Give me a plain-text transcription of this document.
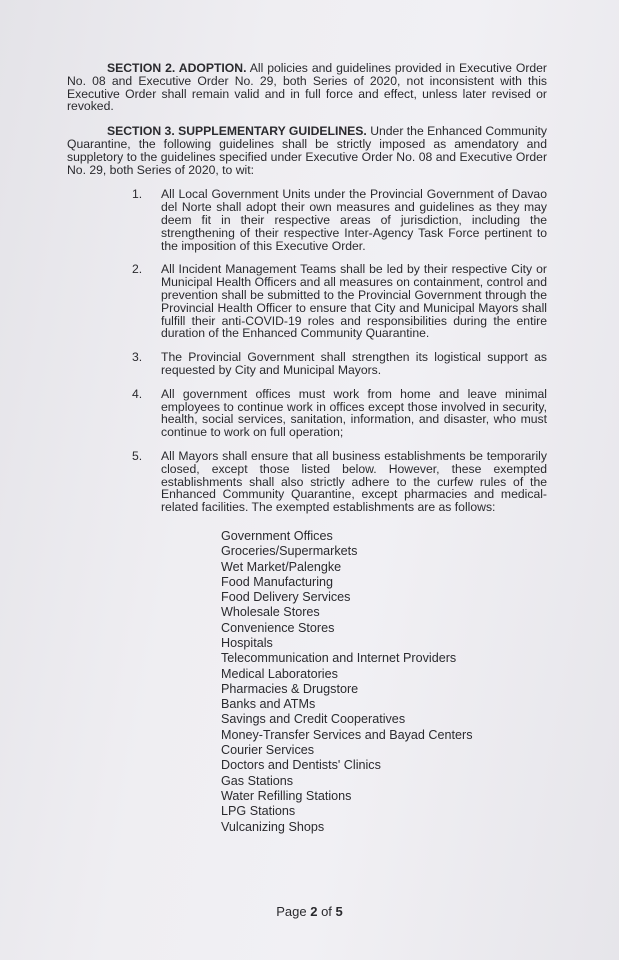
SECTION 2. ADOPTION. All policies and guidelines provided in Executive Order No. 08 and Executive Order No. 29, both Series of 2020, not inconsistent with this Executive Order shall remain valid and in full force and effect, unless later revised or revoked.

SECTION 3. SUPPLEMENTARY GUIDELINES. Under the Enhanced Community Quarantine, the following guidelines shall be strictly imposed as amendatory and suppletory to the guidelines specified under Executive Order No. 08 and Executive Order No. 29, both Series of 2020, to wit:

1. All Local Government Units under the Provincial Government of Davao del Norte shall adopt their own measures and guidelines as they may deem fit in their respective areas of jurisdiction, including the strengthening of their respective Inter-Agency Task Force pertinent to the imposition of this Executive Order.
2. All Incident Management Teams shall be led by their respective City or Municipal Health Officers and all measures on containment, control and prevention shall be submitted to the Provincial Government through the Provincial Health Officer to ensure that City and Municipal Mayors shall fulfill their anti-COVID-19 roles and responsibilities during the entire duration of the Enhanced Community Quarantine.
3. The Provincial Government shall strengthen its logistical support as requested by City and Municipal Mayors.
4. All government offices must work from home and leave minimal employees to continue work in offices except those involved in security, health, social services, sanitation, information, and disaster, who must continue to work on full operation;
5. All Mayors shall ensure that all business establishments be temporarily closed, except those listed below. However, these exempted establishments shall also strictly adhere to the curfew rules of the Enhanced Community Quarantine, except pharmacies and medical-related facilities. The exempted establishments are as follows:
Government Offices
Groceries/Supermarkets
Wet Market/Palengke
Food Manufacturing
Food Delivery Services
Wholesale Stores
Convenience Stores
Hospitals
Telecommunication and Internet Providers
Medical Laboratories
Pharmacies & Drugstore
Banks and ATMs
Savings and Credit Cooperatives
Money-Transfer Services and Bayad Centers
Courier Services
Doctors and Dentists' Clinics
Gas Stations
Water Refilling Stations
LPG Stations
Vulcanizing Shops
Page 2 of 5
